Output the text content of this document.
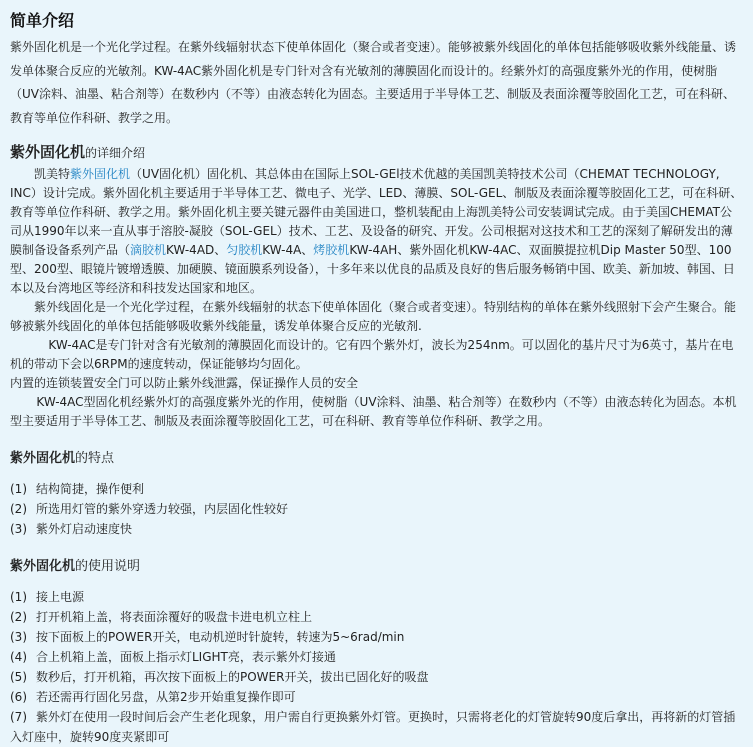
简单介绍

紫外固化机是一个光化学过程。在紫外线辐射状态下使单体固化（聚合或者变速）。能够被紫外线固化的单体包括能够吸收紫外线能量、诱发单体聚合反应的光敏剂。KW-4AC紫外固化机是专门针对含有光敏剂的薄膜固化而设计的。经紫外灯的高强度紫外光的作用，使树脂（UV涂料、油墨、粘合剂等）在数秒内（不等）由液态转化为固态。主要适用于半导体工艺、制版及表面涂覆等胶固化工艺，可在科研、教育等单位作科研、教学之用。

紫外固化机的详细介绍

凯美特紫外固化机（UV固化机）固化机、其总体由在国际上SOL-GEl技术优越的美国凯美特技术公司（CHEMAT TECHNOLOGY, INC）设计完成。紫外固化机主要适用于半导体工艺、微电子、光学、LED、薄膜、SOL-GEL、制版及表面涂覆等胶固化工艺，可在科研、教育等单位作科研、教学之用。紫外固化机主要关键元器件由美国进口，整机装配由上海凯美特公司安装调试完成。由于美国CHEMAT公司从1990年以来一直从事于溶胶-凝胶（SOL-GEL）技术、工艺、及设备的研究、开发。公司根据对这技术和工艺的深刻了解研发出的薄膜制备设备系列产品（滴胶机KW-4AD、匀胶机KW-4A、烤胶机KW-4AH、紫外固化机KW-4AC、双面膜提拉机Dip Master 50型、100型、200型、眼镜片镀增透膜、加硬膜、镜面膜系列设备），十多年来以优良的品质及良好的售后服务畅销中国、欧美、新加坡、韩国、日本以及台湾地区等经济和科技发达国家和地区。

紫外线固化是一个光化学过程，在紫外线辐射的状态下使单体固化（聚合或者变速）。特别结构的单体在紫外线照射下会产生聚合。能够被紫外线固化的单体包括能够吸收紫外线能量，诱发单体聚合反应的光敏剂.

KW-4AC是专门针对含有光敏剂的薄膜固化而设计的。它有四个紫外灯，波长为254nm。可以固化的基片尺寸为6英寸，基片在电机的带动下会以6RPM的速度转动，保证能够均匀固化。

内置的连锁装置安全门可以防止紫外线泄露，保证操作人员的安全

KW-4AC型固化机经紫外灯的高强度紫外光的作用，使树脂（UV涂料、油墨、粘合剂等）在数秒内（不等）由液态转化为固态。本机型主要适用于半导体工艺、制版及表面涂覆等胶固化工艺，可在科研、教育等单位作科研、教学之用。

紫外固化机的特点
(1) 结构简捷，操作便利
(2) 所选用灯管的紫外穿透力较强，内层固化性较好
(3) 紫外灯启动速度快
紫外固化机的使用说明
(1) 接上电源
(2) 打开机箱上盖，将表面涂覆好的吸盘卡进电机立柱上
(3) 按下面板上的POWER开关，电动机逆时针旋转，转速为5~6rad/min
(4) 合上机箱上盖，面板上指示灯LIGHT亮，表示紫外灯接通
(5) 数秒后，打开机箱，再次按下面板上的POWER开关，拔出已固化好的吸盘
(6) 若还需再行固化另盘，从第2步开始重复操作即可
(7) 紫外灯在使用一段时间后会产生老化现象，用户需自行更换紫外灯管。更换时，只需将老化的灯管旋转90度后拿出，再将新的灯管插入灯座中，旋转90度夹紧即可
